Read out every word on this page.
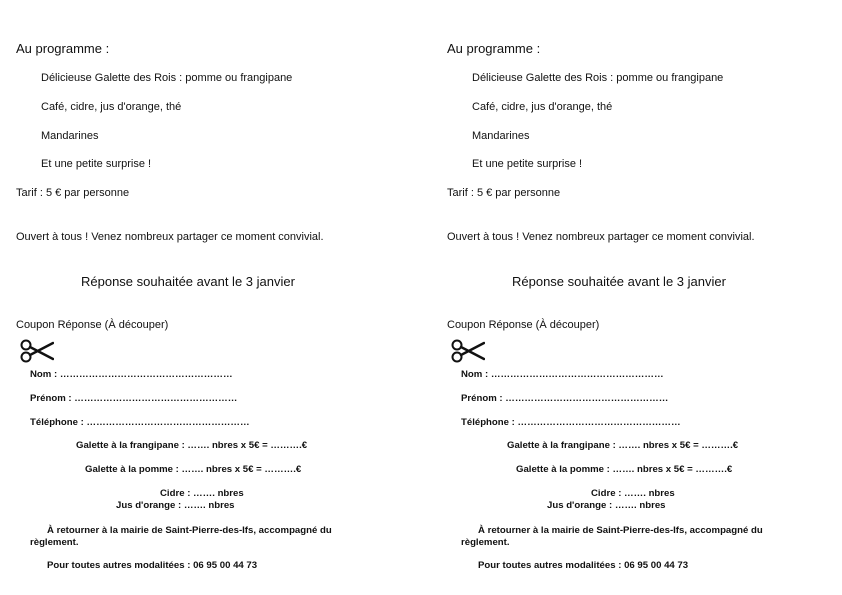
Au programme :
Délicieuse Galette des Rois : pomme ou frangipane
Café, cidre, jus d'orange, thé
Mandarines
Et une petite surprise !
Tarif : 5 € par personne
Ouvert à tous ! Venez nombreux partager ce moment convivial.
Réponse souhaitée avant le 3 janvier
Coupon Réponse (À découper)
Nom : ………………………………………………
Prénom : ……………………………………………
Téléphone : ……………………………………………
Galette à la frangipane : ……. nbres x 5€ = ……….€
Galette à la pomme : ……. nbres x 5€ = ……….€
Cidre : ……. nbres
Jus d'orange : ……. nbres
À retourner à la mairie de Saint-Pierre-des-Ifs, accompagné du
règlement.
Pour toutes autres modalitées : 06 95 00 44 73
Au programme :
Délicieuse Galette des Rois : pomme ou frangipane
Café, cidre, jus d'orange, thé
Mandarines
Et une petite surprise !
Tarif : 5 € par personne
Ouvert à tous ! Venez nombreux partager ce moment convivial.
Réponse souhaitée avant le 3 janvier
Coupon Réponse (À découper)
Nom : ………………………………………………
Prénom : ……………………………………………
Téléphone : ……………………………………………
Galette à la frangipane : ……. nbres x 5€ = ……….€
Galette à la pomme : ……. nbres x 5€ = ……….€
Cidre : ……. nbres
Jus d'orange : ……. nbres
À retourner à la mairie de Saint-Pierre-des-Ifs, accompagné du
règlement.
Pour toutes autres modalitées : 06 95 00 44 73
